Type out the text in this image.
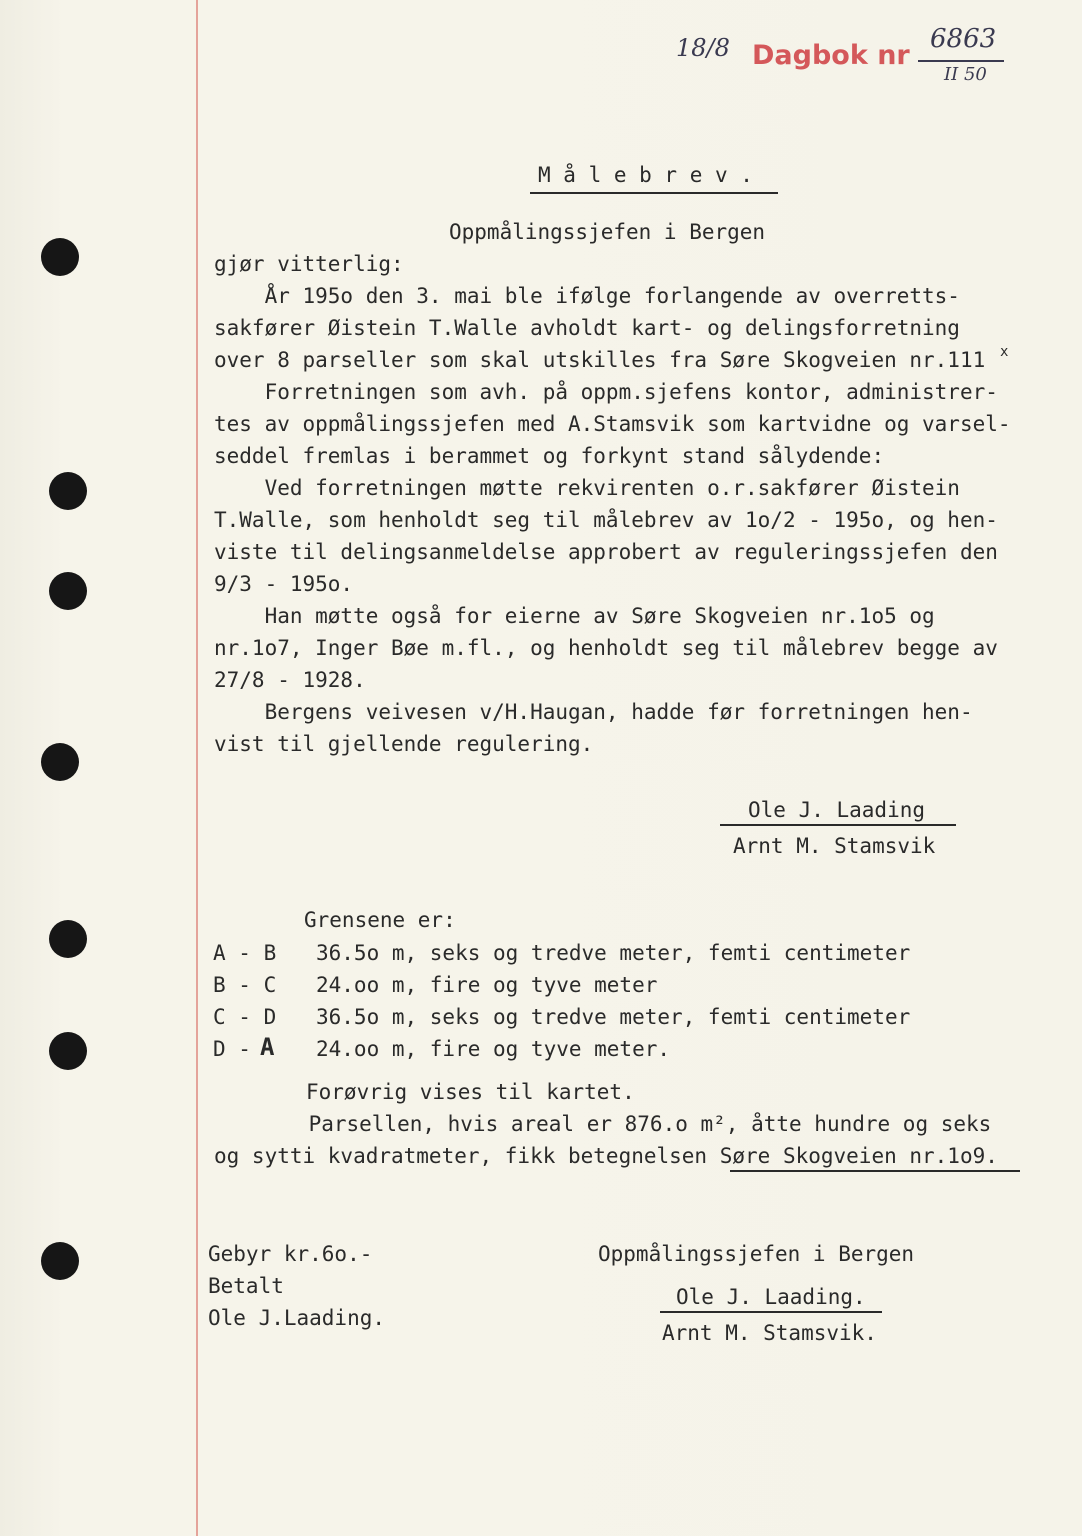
18/8 Dagbok nr
6863
II 50
M å l e b r e v .
Oppmålingssjefen i Bergen
gjør vitterlig:
År 195o den 3. mai ble ifølge forlangende av overretts-
sakfører Øistein T.Walle avholdt kart- og delingsforretning
over 8 parseller som skal utskilles fra Søre Skogveien nr.111 x
Forretningen som avh. på oppm.sjefens kontor, administrer-
tes av oppmålingssjefen med A.Stamsvik som kartvidne og varsel-
seddel fremlas i berammet og forkynt stand sålydende:
Ved forretningen møtte rekvirenten o.r.sakfører Øistein
T.Walle, som henholdt seg til målebrev av 1o/2 - 195o, og hen-
viste til delingsanmeldelse approbert av reguleringssjefen den
9/3 - 195o.
Han møtte også for eierne av Søre Skogveien nr.1o5 og
nr.1o7, Inger Bøe m.fl., og henholdt seg til målebrev begge av
27/8 - 1928.
Bergens veivesen v/H.Haugan, hadde før forretningen hen-
vist til gjellende regulering.
Ole J. Laading
Arnt M. Stamsvik
Grensene er:
A - B 36.5o m, seks og tredve meter, femti centimeter
B - C 24.oo m, fire og tyve meter
C - D 36.5o m, seks og tredve meter, femti centimeter
D - A 24.oo m, fire og tyve meter.
Forøvrig vises til kartet.
Parsellen, hvis areal er 876.o m², åtte hundre og seks
og sytti kvadratmeter, fikk betegnelsen Søre Skogveien nr.1o9.
Gebyr kr.6o.-
Betalt
Ole J.Laading.
Oppmålingssjefen i Bergen
Ole J. Laading.
Arnt M. Stamsvik.
